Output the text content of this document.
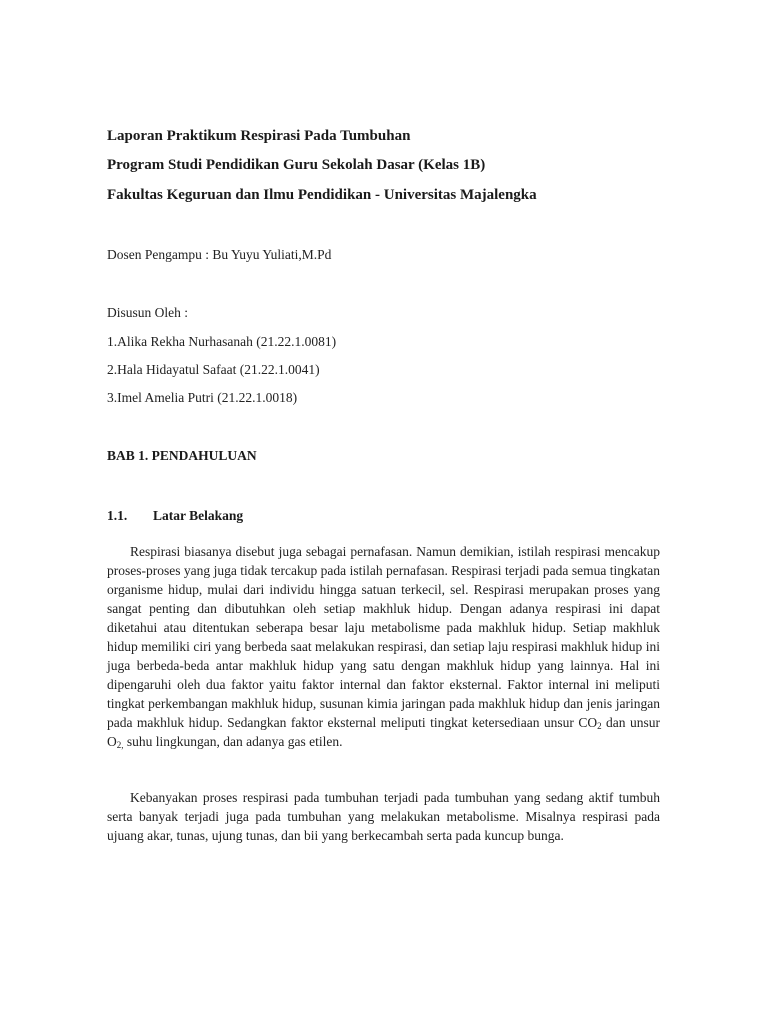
Laporan Praktikum Respirasi Pada Tumbuhan
Program Studi Pendidikan Guru Sekolah Dasar (Kelas 1B)
Fakultas Keguruan dan Ilmu Pendidikan - Universitas Majalengka
Dosen Pengampu : Bu Yuyu Yuliati,M.Pd
Disusun Oleh :
1.Alika Rekha Nurhasanah (21.22.1.0081)
2.Hala Hidayatul Safaat (21.22.1.0041)
3.Imel Amelia Putri (21.22.1.0018)
BAB 1. PENDAHULUAN
1.1. Latar Belakang

Respirasi biasanya disebut juga sebagai pernafasan. Namun demikian, istilah respirasi mencakup proses-proses yang juga tidak tercakup pada istilah pernafasan. Respirasi terjadi pada semua tingkatan organisme hidup, mulai dari individu hingga satuan terkecil, sel. Respirasi merupakan proses yang sangat penting dan dibutuhkan oleh setiap makhluk hidup. Dengan adanya respirasi ini dapat diketahui atau ditentukan seberapa besar laju metabolisme pada makhluk hidup. Setiap makhluk hidup memiliki ciri yang berbeda saat melakukan respirasi, dan setiap laju respirasi makhluk hidup ini juga berbeda-beda antar makhluk hidup yang satu dengan makhluk hidup yang lainnya. Hal ini dipengaruhi oleh dua faktor yaitu faktor internal dan faktor eksternal. Faktor internal ini meliputi tingkat perkembangan makhluk hidup, susunan kimia jaringan pada makhluk hidup dan jenis jaringan pada makhluk hidup. Sedangkan faktor eksternal meliputi tingkat ketersediaan unsur $CO_2$ dan unsur $O_{2,}$ suhu lingkungan, dan adanya gas etilen.

Kebanyakan proses respirasi pada tumbuhan terjadi pada tumbuhan yang sedang aktif tumbuh serta banyak terjadi juga pada tumbuhan yang melakukan metabolisme. Misalnya respirasi pada ujuang akar, tunas, ujung tunas, dan bii yang berkecambah serta pada kuncup bunga.
